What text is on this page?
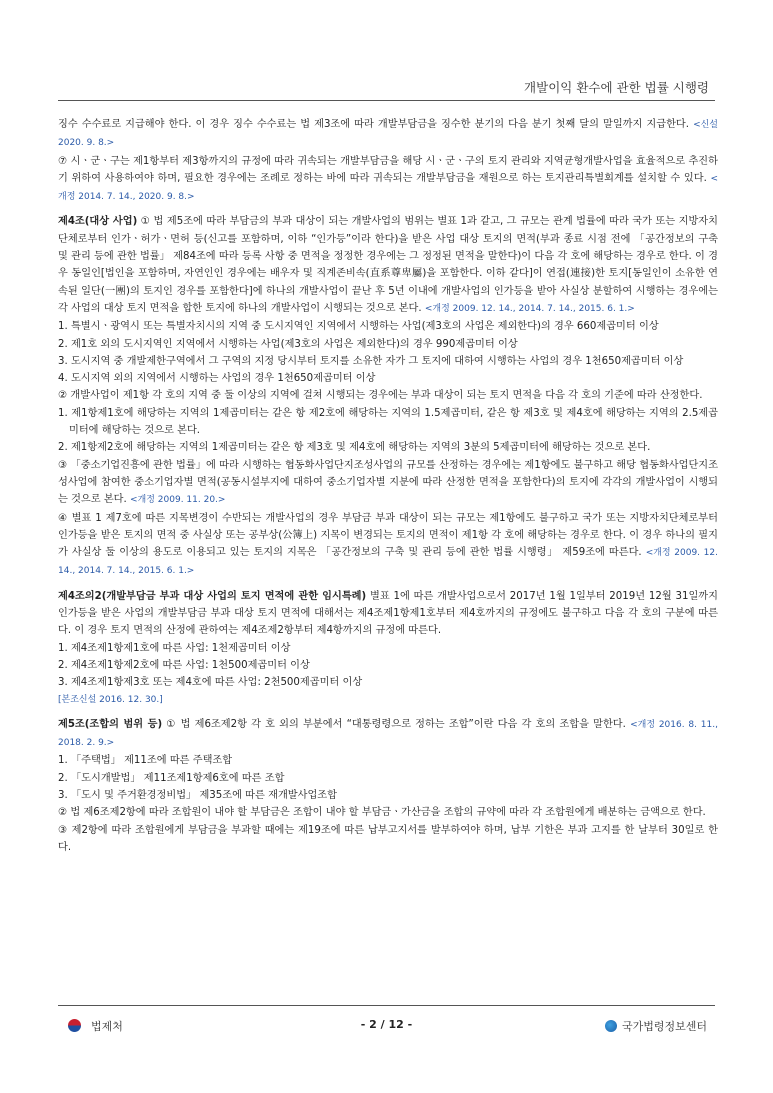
개발이익 환수에 관한 법률 시행령

징수 수수료로 지급해야 한다. 이 경우 징수 수수료는 법 제3조에 따라 개발부담금을 징수한 분기의 다음 분기 첫째 달의 말일까지 지급한다. <신설 2020. 9. 8.>

⑦ 시ㆍ군ㆍ구는 제1항부터 제3항까지의 규정에 따라 귀속되는 개발부담금을 해당 시ㆍ군ㆍ구의 토지 관리와 지역균형개발사업을 효율적으로 추진하기 위하여 사용하여야 하며, 필요한 경우에는 조례로 정하는 바에 따라 귀속되는 개발부담금을 재원으로 하는 토지관리특별회계를 설치할 수 있다. <개정 2014. 7. 14., 2020. 9. 8.>

제4조(대상 사업) ① 법 제5조에 따라 부담금의 부과 대상이 되는 개발사업의 범위는 별표 1과 같고, 그 규모는 관계 법률에 따라 국가 또는 지방자치단체로부터 인가ㆍ허가ㆍ면허 등(신고를 포함하며, 이하 “인가등”이라 한다)을 받은 사업 대상 토지의 면적(부과 종료 시점 전에 「공간정보의 구축 및 관리 등에 관한 법률」 제84조에 따라 등록 사항 중 면적을 정정한 경우에는 그 정정된 면적을 말한다)이 다음 각 호에 해당하는 경우로 한다. 이 경우 동일인[법인을 포함하며, 자연인인 경우에는 배우자 및 직계존비속(直系尊卑屬)을 포함한다. 이하 같다]이 연접(連接)한 토지[동일인이 소유한 연속된 일단(一團)의 토지인 경우를 포함한다]에 하나의 개발사업이 끝난 후 5년 이내에 개발사업의 인가등을 받아 사실상 분할하여 시행하는 경우에는 각 사업의 대상 토지 면적을 합한 토지에 하나의 개발사업이 시행되는 것으로 본다. <개정 2009. 12. 14., 2014. 7. 14., 2015. 6. 1.>

1. 특별시ㆍ광역시 또는 특별자치시의 지역 중 도시지역인 지역에서 시행하는 사업(제3호의 사업은 제외한다)의 경우 660제곱미터 이상

2. 제1호 외의 도시지역인 지역에서 시행하는 사업(제3호의 사업은 제외한다)의 경우 990제곱미터 이상

3. 도시지역 중 개발제한구역에서 그 구역의 지정 당시부터 토지를 소유한 자가 그 토지에 대하여 시행하는 사업의 경우 1천650제곱미터 이상

4. 도시지역 외의 지역에서 시행하는 사업의 경우 1천650제곱미터 이상

② 개발사업이 제1항 각 호의 지역 중 둘 이상의 지역에 걸쳐 시행되는 경우에는 부과 대상이 되는 토지 면적을 다음 각 호의 기준에 따라 산정한다.

1. 제1항제1호에 해당하는 지역의 1제곱미터는 같은 항 제2호에 해당하는 지역의 1.5제곱미터, 같은 항 제3호 및 제4호에 해당하는 지역의 2.5제곱미터에 해당하는 것으로 본다.

2. 제1항제2호에 해당하는 지역의 1제곱미터는 같은 항 제3호 및 제4호에 해당하는 지역의 3분의 5제곱미터에 해당하는 것으로 본다.

③ 「중소기업진흥에 관한 법률」에 따라 시행하는 협동화사업단지조성사업의 규모를 산정하는 경우에는 제1항에도 불구하고 해당 협동화사업단지조성사업에 참여한 중소기업자별 면적(공동시설부지에 대하여 중소기업자별 지분에 따라 산정한 면적을 포함한다)의 토지에 각각의 개발사업이 시행되는 것으로 본다. <개정 2009. 11. 20.>

④ 별표 1 제7호에 따른 지목변경이 수반되는 개발사업의 경우 부담금 부과 대상이 되는 규모는 제1항에도 불구하고 국가 또는 지방자치단체로부터 인가등을 받은 토지의 면적 중 사실상 또는 공부상(公簿上) 지목이 변경되는 토지의 면적이 제1항 각 호에 해당하는 경우로 한다. 이 경우 하나의 필지가 사실상 둘 이상의 용도로 이용되고 있는 토지의 지목은 「공간정보의 구축 및 관리 등에 관한 법률 시행령」 제59조에 따른다. <개정 2009. 12. 14., 2014. 7. 14., 2015. 6. 1.>

제4조의2(개발부담금 부과 대상 사업의 토지 면적에 관한 임시특례) 별표 1에 따른 개발사업으로서 2017년 1월 1일부터 2019년 12월 31일까지 인가등을 받은 사업의 개발부담금 부과 대상 토지 면적에 대해서는 제4조제1항제1호부터 제4호까지의 규정에도 불구하고 다음 각 호의 구분에 따른다. 이 경우 토지 면적의 산정에 관하여는 제4조제2항부터 제4항까지의 규정에 따른다.

1. 제4조제1항제1호에 따른 사업: 1천제곱미터 이상

2. 제4조제1항제2호에 따른 사업: 1천500제곱미터 이상

3. 제4조제1항제3호 또는 제4호에 따른 사업: 2천500제곱미터 이상

[본조신설 2016. 12. 30.]

제5조(조합의 범위 등) ① 법 제6조제2항 각 호 외의 부분에서 “대통령령으로 정하는 조합”이란 다음 각 호의 조합을 말한다. <개정 2016. 8. 11., 2018. 2. 9.>

1. 「주택법」 제11조에 따른 주택조합

2. 「도시개발법」 제11조제1항제6호에 따른 조합

3. 「도시 및 주거환경정비법」 제35조에 따른 재개발사업조합

② 법 제6조제2항에 따라 조합원이 내야 할 부담금은 조합이 내야 할 부담금ㆍ가산금을 조합의 규약에 따라 각 조합원에게 배분하는 금액으로 한다.

③ 제2항에 따라 조합원에게 부담금을 부과할 때에는 제19조에 따른 납부고지서를 발부하여야 하며, 납부 기한은 부과 고지를 한 날부터 30일로 한다.

법제처	- 2 / 12 -	국가법령정보센터
